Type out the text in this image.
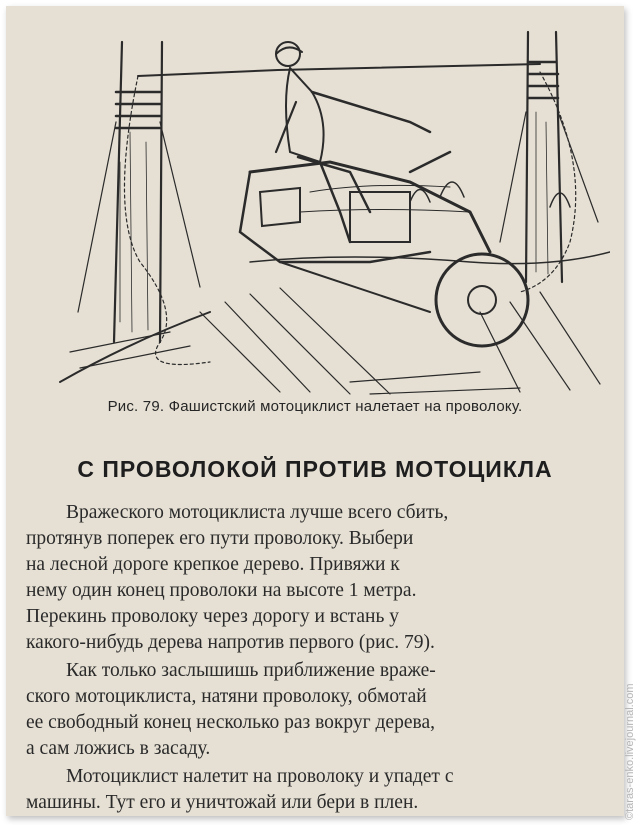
Рис. 79. Фашистский мотоциклист налетает на проволоку.
С ПРОВОЛОКОЙ ПРОТИВ МОТОЦИКЛА
Вражеского мотоциклиста лучше всего сбить,
протянув поперек его пути проволоку. Выбери
на лесной дороге крепкое дерево. Привяжи к
нему один конец проволоки на высоте 1 метра.
Перекинь проволоку через дорогу и встань у
какого-нибудь дерева напротив первого (рис. 79).
Как только заслышишь приближение враже-
ского мотоциклиста, натяни проволоку, обмотай
ее свободный конец несколько раз вокруг дерева,
а сам ложись в засаду.
Мотоциклист налетит на проволоку и упадет с
машины. Тут его и уничтожай или бери в плен.	©taras-enko.livejournal.com
